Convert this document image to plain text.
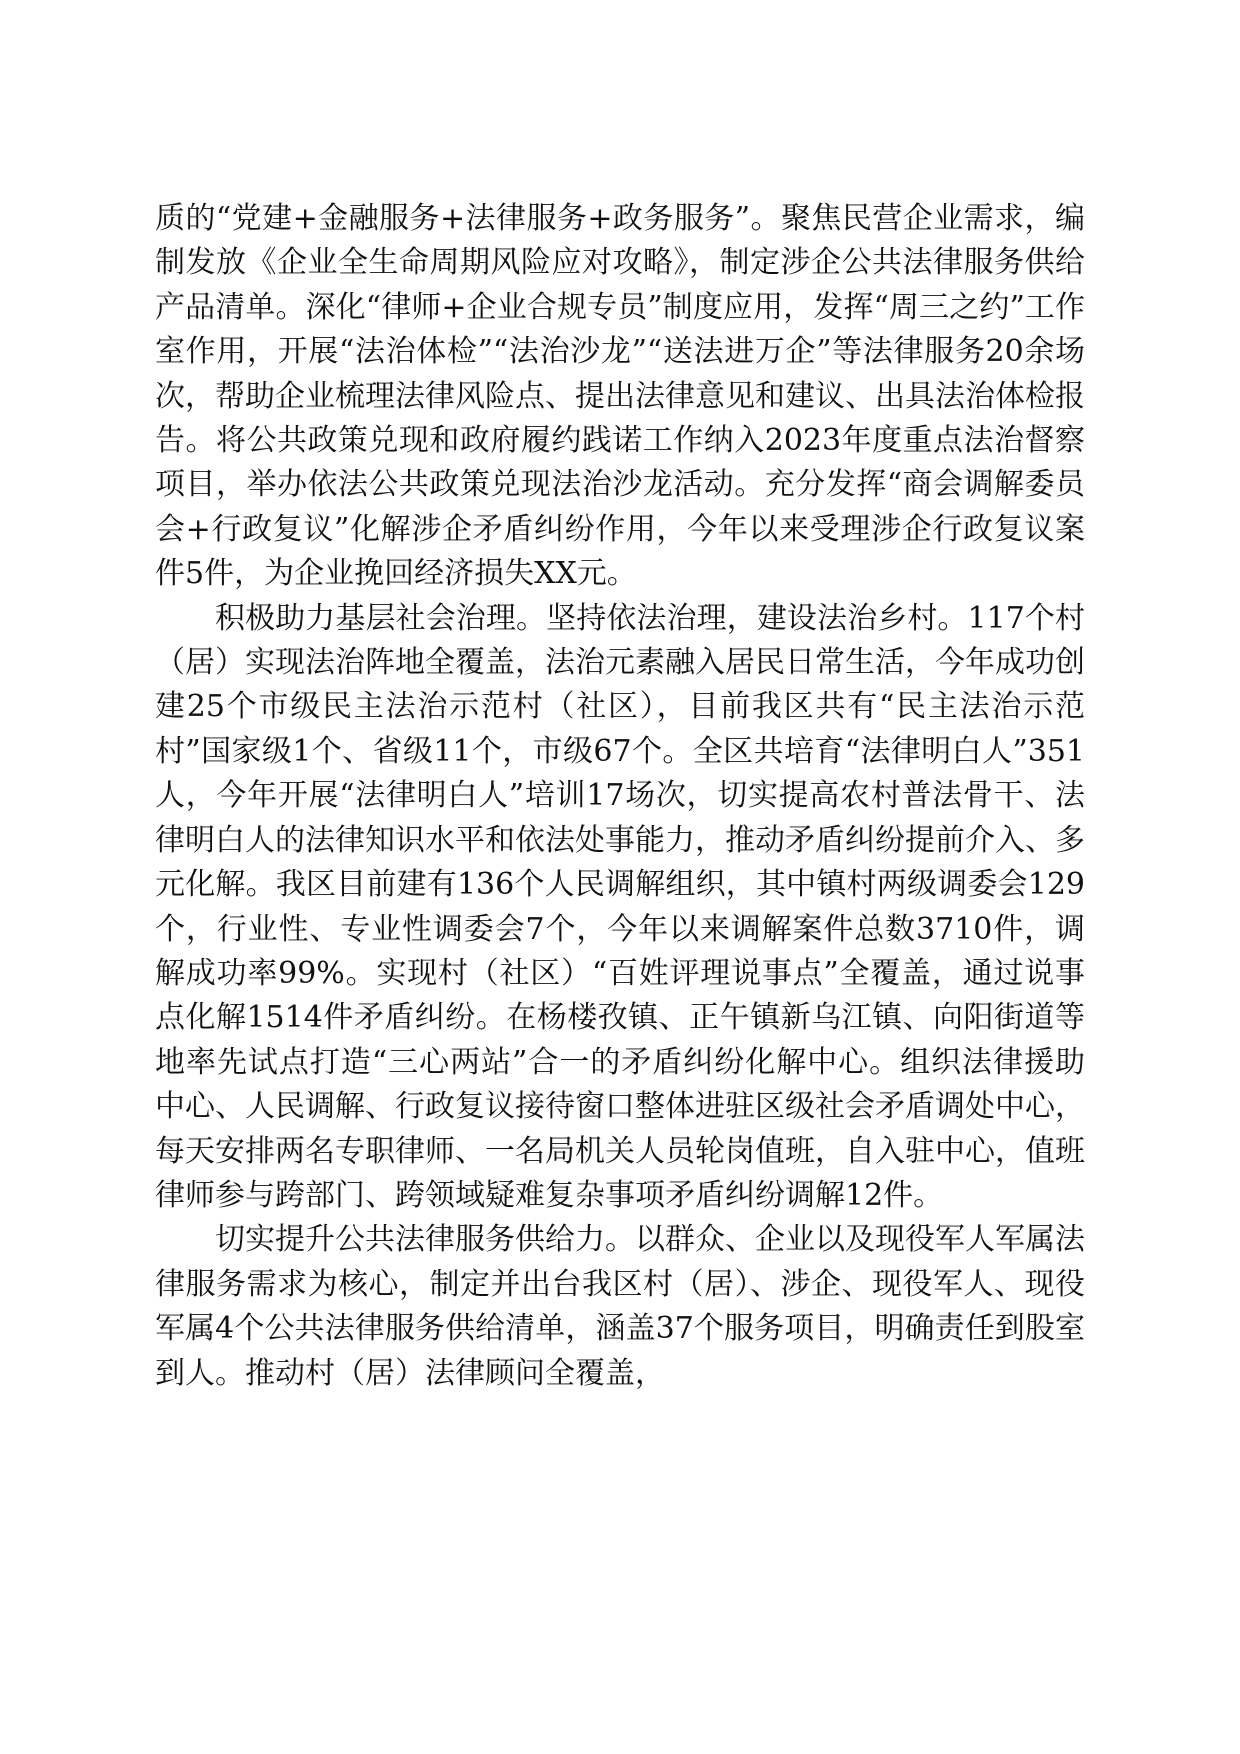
质的“党建+金融服务+法律服务+政务服务”。聚焦民营企业需求，编制发放《企业全生命周期风险应对攻略》，制定涉企公共法律服务供给产品清单。深化“律师+企业合规专员”制度应用，发挥“周三之约”工作室作用，开展“法治体检”“法治沙龙”“送法进万企”等法律服务20余场次，帮助企业梳理法律风险点、提出法律意见和建议、出具法治体检报告。将公共政策兑现和政府履约践诺工作纳入2023年度重点法治督察项目，举办依法公共政策兑现法治沙龙活动。充分发挥“商会调解委员会+行政复议”化解涉企矛盾纠纷作用，今年以来受理涉企行政复议案件5件，为企业挽回经济损失XX元。

积极助力基层社会治理。坚持依法治理，建设法治乡村。117个村（居）实现法治阵地全覆盖，法治元素融入居民日常生活，今年成功创建25个市级民主法治示范村（社区），目前我区共有“民主法治示范村”国家级1个、省级11个，市级67个。全区共培育“法律明白人”351人，今年开展“法律明白人”培训17场次，切实提高农村普法骨干、法律明白人的法律知识水平和依法处事能力，推动矛盾纠纷提前介入、多元化解。我区目前建有136个人民调解组织，其中镇村两级调委会129个，行业性、专业性调委会7个，今年以来调解案件总数3710件，调解成功率99%。实现村（社区）“百姓评理说事点”全覆盖，通过说事点化解1514件矛盾纠纷。在杨楼孜镇、正午镇新乌江镇、向阳街道等地率先试点打造“三心两站”合一的矛盾纠纷化解中心。组织法律援助中心、人民调解、行政复议接待窗口整体进驻区级社会矛盾调处中心，每天安排两名专职律师、一名局机关人员轮岗值班，自入驻中心，值班律师参与跨部门、跨领域疑难复杂事项矛盾纠纷调解12件。

切实提升公共法律服务供给力。以群众、企业以及现役军人军属法律服务需求为核心，制定并出台我区村（居）、涉企、现役军人、现役军属4个公共法律服务供给清单，涵盖37个服务项目，明确责任到股室到人。推动村（居）法律顾问全覆盖，
